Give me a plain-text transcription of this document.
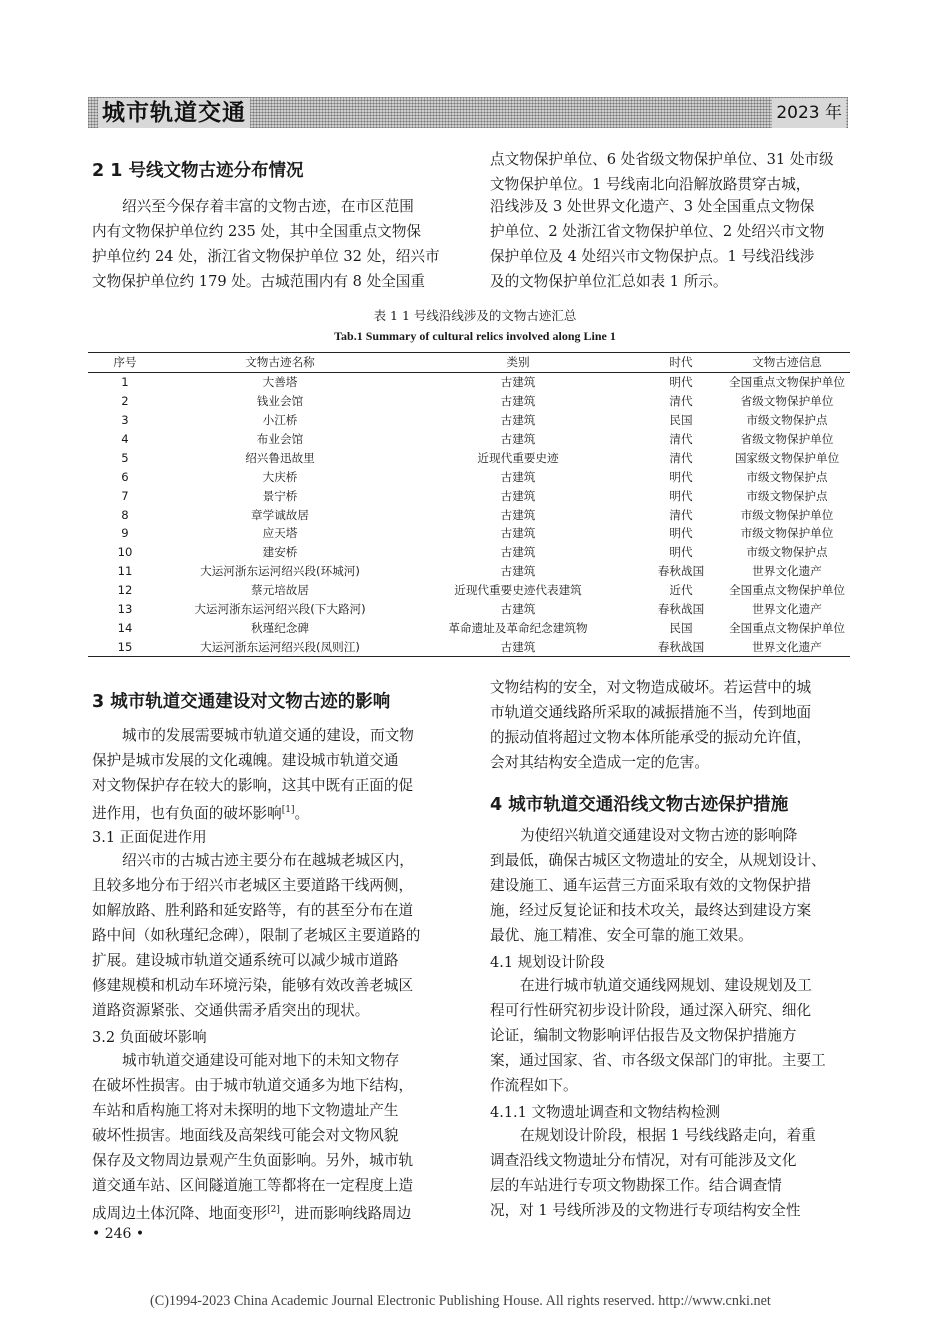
城市轨道交通	2023 年
2 1 号线文物古迹分布情况
绍兴至今保存着丰富的文物古迹，在市区范围
内有文物保护单位约 235 处，其中全国重点文物保
护单位约 24 处，浙江省文物保护单位 32 处，绍兴市
文物保护单位约 179 处。古城范围内有 8 处全国重
点文物保护单位、6 处省级文物保护单位、31 处市级
文物保护单位。1 号线南北向沿解放路贯穿古城，
沿线涉及 3 处世界文化遗产、3 处全国重点文物保
护单位、2 处浙江省文物保护单位、2 处绍兴市文物
保护单位及 4 处绍兴市文物保护点。1 号线沿线涉
及的文物保护单位汇总如表 1 所示。
表 1 1 号线沿线涉及的文物古迹汇总
Tab.1 Summary of cultural relics involved along Line 1
序号	文物古迹名称	类别	时代	文物古迹信息
1	大善塔	古建筑	明代	全国重点文物保护单位
2	钱业会馆	古建筑	清代	省级文物保护单位
3	小江桥	古建筑	民国	市级文物保护点
4	布业会馆	古建筑	清代	省级文物保护单位
5	绍兴鲁迅故里	近现代重要史迹	清代	国家级文物保护单位
6	大庆桥	古建筑	明代	市级文物保护点
7	景宁桥	古建筑	明代	市级文物保护点
8	章学诚故居	古建筑	清代	市级文物保护单位
9	应天塔	古建筑	明代	市级文物保护单位
10	建安桥	古建筑	明代	市级文物保护点
11	大运河浙东运河绍兴段(环城河)	古建筑	春秋战国	世界文化遗产
12	蔡元培故居	近现代重要史迹代表建筑	近代	全国重点文物保护单位
13	大运河浙东运河绍兴段(下大路河)	古建筑	春秋战国	世界文化遗产
14	秋瑾纪念碑	革命遗址及革命纪念建筑物	民国	全国重点文物保护单位
15	大运河浙东运河绍兴段(凤则江)	古建筑	春秋战国	世界文化遗产
3 城市轨道交通建设对文物古迹的影响
城市的发展需要城市轨道交通的建设，而文物
保护是城市发展的文化魂魄。建设城市轨道交通
对文物保护存在较大的影响，这其中既有正面的促
进作用，也有负面的破坏影响[1]。
3.1 正面促进作用
绍兴市的古城古迹主要分布在越城老城区内，
且较多地分布于绍兴市老城区主要道路干线两侧，
如解放路、胜利路和延安路等，有的甚至分布在道
路中间（如秋瑾纪念碑），限制了老城区主要道路的
扩展。建设城市轨道交通系统可以减少城市道路
修建规模和机动车环境污染，能够有效改善老城区
道路资源紧张、交通供需矛盾突出的现状。
3.2 负面破坏影响
城市轨道交通建设可能对地下的未知文物存
在破坏性损害。由于城市轨道交通多为地下结构，
车站和盾构施工将对未探明的地下文物遗址产生
破坏性损害。地面线及高架线可能会对文物风貌
保存及文物周边景观产生负面影响。另外，城市轨
道交通车站、区间隧道施工等都将在一定程度上造
成周边土体沉降、地面变形[2]，进而影响线路周边
• 246 •
文物结构的安全，对文物造成破坏。若运营中的城
市轨道交通线路所采取的减振措施不当，传到地面
的振动值将超过文物本体所能承受的振动允许值，
会对其结构安全造成一定的危害。
4 城市轨道交通沿线文物古迹保护措施
为使绍兴轨道交通建设对文物古迹的影响降
到最低，确保古城区文物遗址的安全，从规划设计、
建设施工、通车运营三方面采取有效的文物保护措
施，经过反复论证和技术攻关，最终达到建设方案
最优、施工精准、安全可靠的施工效果。
4.1 规划设计阶段
在进行城市轨道交通线网规划、建设规划及工
程可行性研究初步设计阶段，通过深入研究、细化
论证，编制文物影响评估报告及文物保护措施方
案，通过国家、省、市各级文保部门的审批。主要工
作流程如下。
4.1.1 文物遗址调查和文物结构检测
在规划设计阶段，根据 1 号线线路走向，着重
调查沿线文物遗址分布情况，对有可能涉及文化
层的车站进行专项文物勘探工作。结合调查情
况，对 1 号线所涉及的文物进行专项结构安全性
(C)1994-2023 China Academic Journal Electronic Publishing House. All rights reserved. http://www.cnki.net
